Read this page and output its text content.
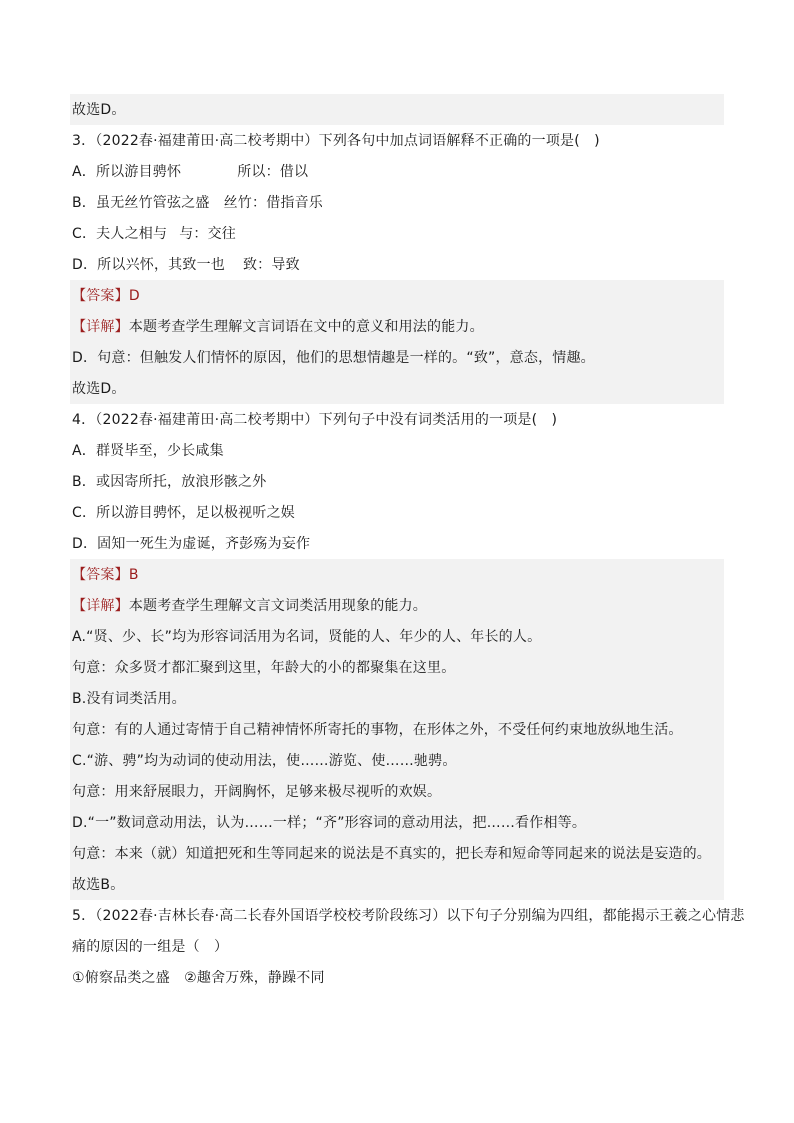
故选D。
3．（2022春·福建莆田·高二校考期中）下列各句中加点词语解释不正确的一项是(　)
A．所以游目骋怀	所以：借以
B．虽无丝竹管弦之盛 丝竹：借指音乐
C．夫人之相与 与：交往
D．所以兴怀，其致一也 致：导致
【答案】D
【详解】本题考查学生理解文言词语在文中的意义和用法的能力。
D．句意：但触发人们情怀的原因，他们的思想情趣是一样的。“致”，意态，情趣。
故选D。
4．（2022春·福建莆田·高二校考期中）下列句子中没有词类活用的一项是(　)
A．群贤毕至，少长咸集
B．或因寄所托，放浪形骸之外
C．所以游目骋怀，足以极视听之娱
D．固知一死生为虚诞，齐彭殇为妄作
【答案】B
【详解】本题考查学生理解文言文词类活用现象的能力。
A.“贤、少、长”均为形容词活用为名词，贤能的人、年少的人、年长的人。
句意：众多贤才都汇聚到这里，年龄大的小的都聚集在这里。
B.没有词类活用。
句意：有的人通过寄情于自己精神情怀所寄托的事物，在形体之外，不受任何约束地放纵地生活。
C.“游、骋”均为动词的使动用法，使……游览、使……驰骋。
句意：用来舒展眼力，开阔胸怀，足够来极尽视听的欢娱。
D.“一”数词意动用法，认为……一样；“齐”形容词的意动用法，把……看作相等。
句意：本来（就）知道把死和生等同起来的说法是不真实的，把长寿和短命等同起来的说法是妄造的。
故选B。
5．（2022春·吉林长春·高二长春外国语学校校考阶段练习）以下句子分别编为四组，都能揭示王羲之心情悲
痛的原因的一组是（　）
①俯察品类之盛　②趣舍万殊，静躁不同
